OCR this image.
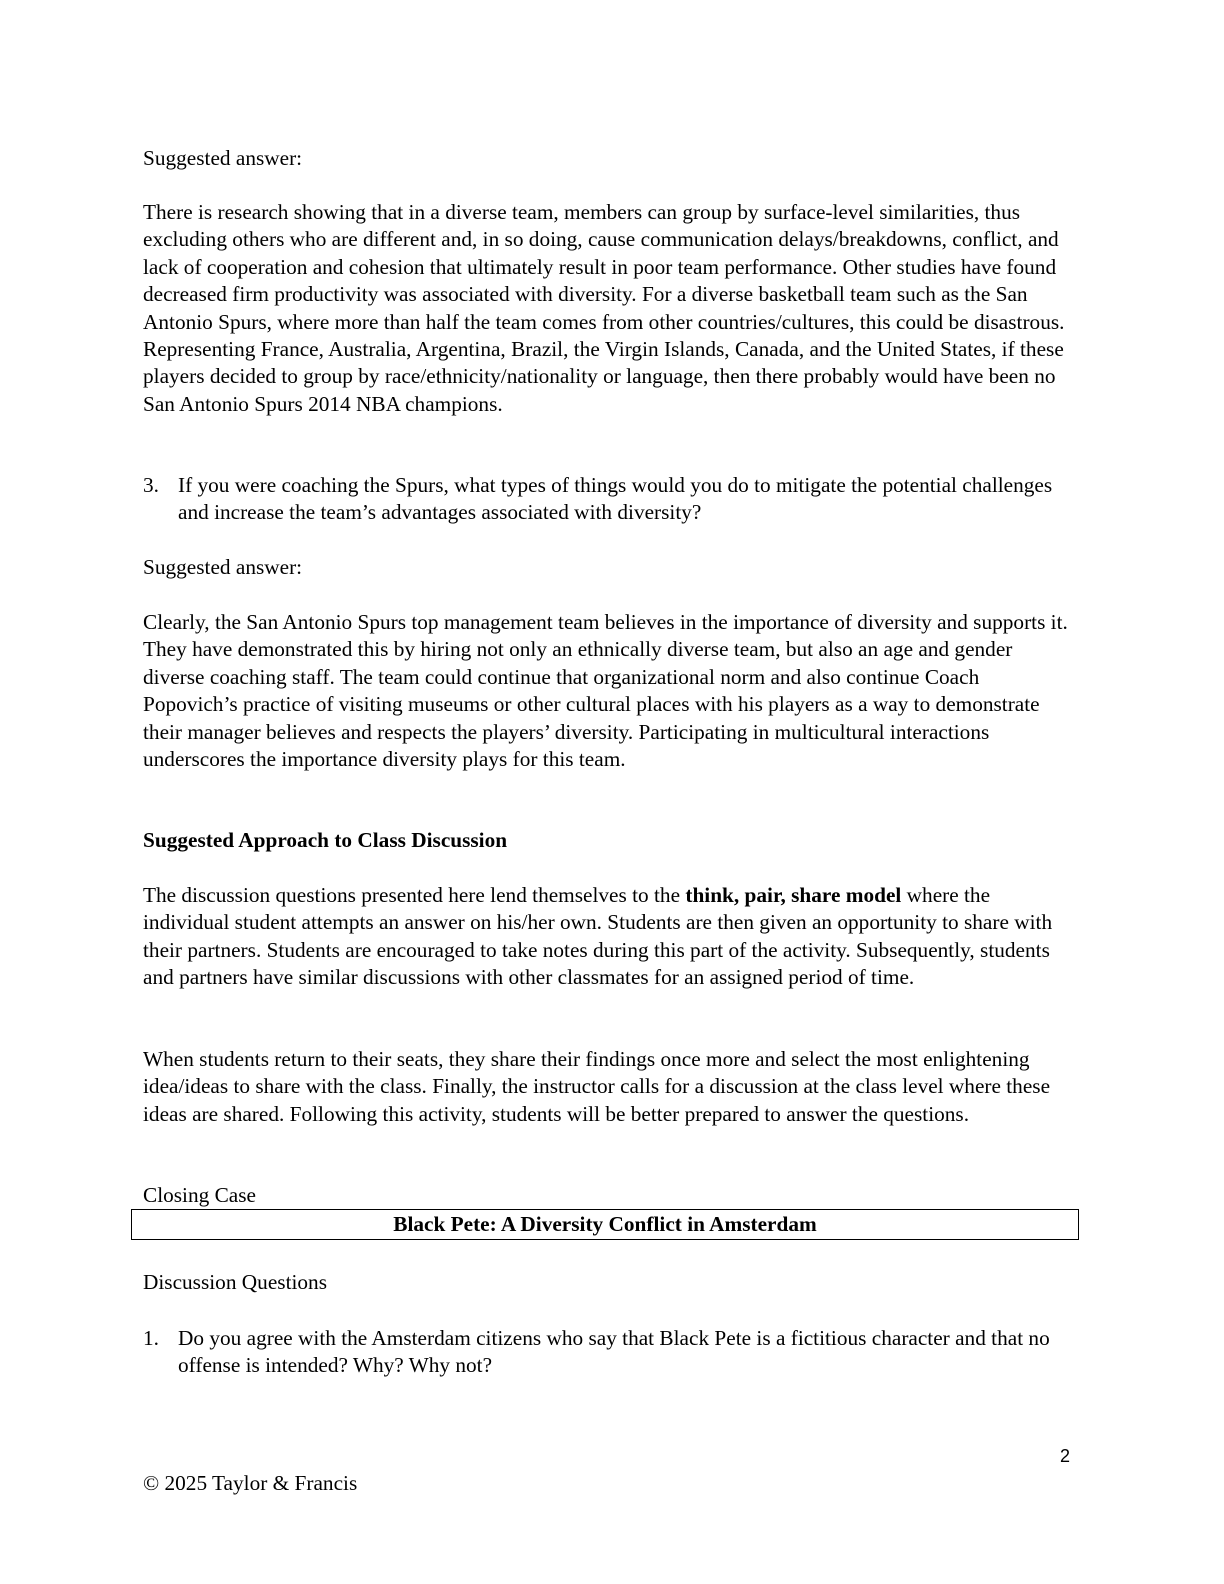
Suggested answer:

There is research showing that in a diverse team, members can group by surface-level similarities, thus excluding others who are different and, in so doing, cause communication delays/breakdowns, conflict, and lack of cooperation and cohesion that ultimately result in poor team performance. Other studies have found decreased firm productivity was associated with diversity. For a diverse basketball team such as the San Antonio Spurs, where more than half the team comes from other countries/cultures, this could be disastrous. Representing France, Australia, Argentina, Brazil, the Virgin Islands, Canada, and the United States, if these players decided to group by race/ethnicity/nationality or language, then there probably would have been no San Antonio Spurs 2014 NBA champions.

3. If you were coaching the Spurs, what types of things would you do to mitigate the potential challenges and increase the team’s advantages associated with diversity?

Suggested answer:

Clearly, the San Antonio Spurs top management team believes in the importance of diversity and supports it. They have demonstrated this by hiring not only an ethnically diverse team, but also an age and gender diverse coaching staff. The team could continue that organizational norm and also continue Coach Popovich’s practice of visiting museums or other cultural places with his players as a way to demonstrate their manager believes and respects the players’ diversity. Participating in multicultural interactions underscores the importance diversity plays for this team.

Suggested Approach to Class Discussion

The discussion questions presented here lend themselves to the think, pair, share model where the individual student attempts an answer on his/her own. Students are then given an opportunity to share with their partners. Students are encouraged to take notes during this part of the activity. Subsequently, students and partners have similar discussions with other classmates for an assigned period of time.

When students return to their seats, they share their findings once more and select the most enlightening idea/ideas to share with the class. Finally, the instructor calls for a discussion at the class level where these ideas are shared. Following this activity, students will be better prepared to answer the questions.

Closing Case

Black Pete: A Diversity Conflict in Amsterdam

Discussion Questions

1. Do you agree with the Amsterdam citizens who say that Black Pete is a fictitious character and that no offense is intended? Why? Why not?

2
© 2025 Taylor & Francis
